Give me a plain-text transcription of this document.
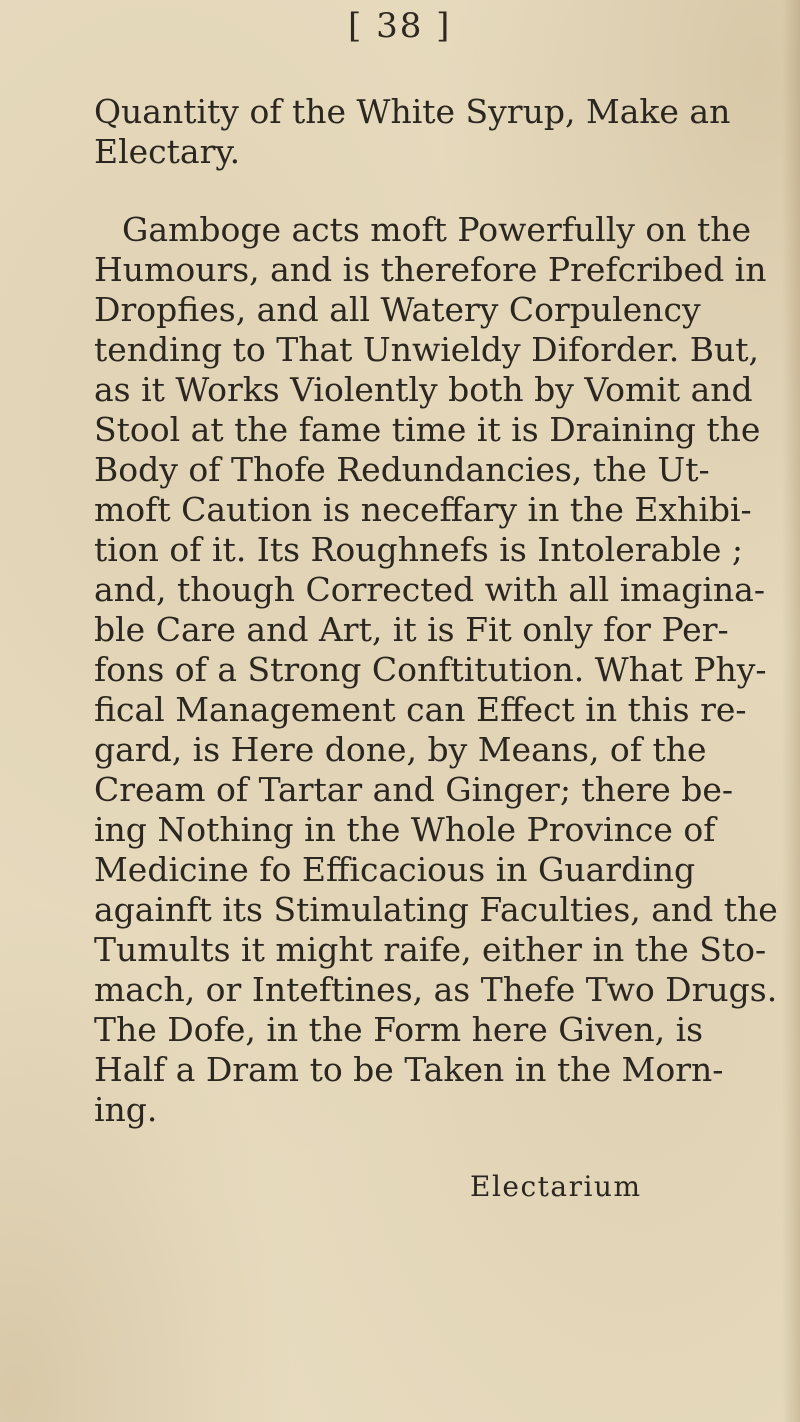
[ 38 ]
Quantity of the White Syrup, Make an
Electary.
Gamboge acts moft Powerfully on the
Humours, and is therefore Prefcribed in
Dropfies, and all Watery Corpulency
tending to That Unwieldy Diforder. But,
as it Works Violently both by Vomit and
Stool at the fame time it is Draining the
Body of Thofe Redundancies, the Ut-
moft Caution is neceffary in the Exhibi-
tion of it. Its Roughnefs is Intolerable ;
and, though Corrected with all imagina-
ble Care and Art, it is Fit only for Per-
fons of a Strong Conftitution. What Phy-
fical Management can Effect in this re-
gard, is Here done, by Means, of the
Cream of Tartar and Ginger; there be-
ing Nothing in the Whole Province of
Medicine fo Efficacious in Guarding
againft its Stimulating Faculties, and the
Tumults it might raife, either in the Sto-
mach, or Inteftines, as Thefe Two Drugs.
The Dofe, in the Form here Given, is
Half a Dram to be Taken in the Morn-
ing.
Electarium
